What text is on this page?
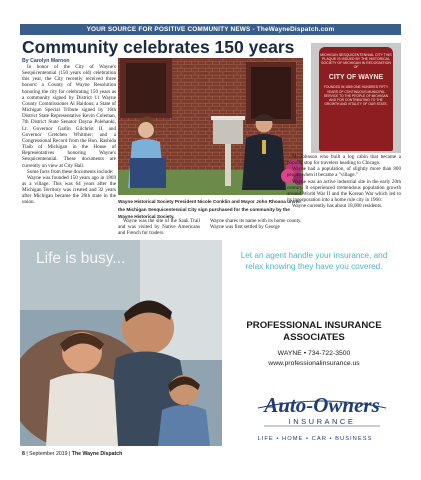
YOUR SOURCE FOR POSITIVE COMMUNITY NEWS - TheWayneDispatch.com
Community celebrates 150 years
By Carolyn Marnon

In honor of the City of Wayne's Sesquicentennial (150 years old) celebration this year, the City recently received three honors: a County of Wayne Resolution honoring the city for celebrating 150 years as a community signed by District 11 Wayne County Commissioner Al Haidous; a State of Michigan Special Tribute signed by 16th District State Representative Kevin Coleman, 7th District State Senator Dayna Polehanki, Lt. Governor Garlin Gilchrist II, and Governor Gretchen Whitmer; and a Congressional Record from the Hon. Rashida Tlaib of Michigan in the House of Representatives honoring Wayne's Sesquicentennial. These documents are currently on view at City Hall.

Some facts from these documents include:

Wayne was founded 150 years ago in 1869 as a village. This was 64 years after the Michigan Territory was created and 32 years after Michigan became the 26th state in the union.	Wayne Historical Society President Nicole Conklin and Mayor John Rhoana unveil the Michigan Sesquicentennial City sign purchased for the community by the Wayne Historical Society.

Wayne was the site of the Sauk Trail and was visited by Native Americans and French fur traders.

Wayne shares its name with its home county.

Wayne was first settled by George

MICHIGAN SESQUICENTENNIAL CITY THIS PLAQUE IS ISSUED BY THE HISTORICAL SOCIETY OF MICHIGAN IN RECOGNITION OF
CITY OF WAYNE
FOUNDED IN 1869 ONE HUNDRED FIFTY YEARS OF CONTINUOUS MUNICIPAL SERVICE TO THE PEOPLE OF MICHIGAN AND FOR CONTRIBUTING TO THE GROWTH AND VITALITY OF OUR STATE.

M. Johnson who built a log cabin that became a popular stop for travelers heading to Chicago.

Wayne had a population, of slightly more than 800 people when it became a "village."

Wayne was an active industrial site in the early 20th century. It experienced tremendous population growth around World War II and the Korean War which led to its incorporation into a home rule city in 1960.

Wayne currently has about 18,000 residents.

Life is busy...	Let an agent handle your insurance, and relax knowing they have you covered.
PROFESSIONAL INSURANCE ASSOCIATES
WAYNE • 734-722-3500
www.professionalinsurance.us
Auto-Owners
INSURANCE
LIFE • HOME • CAR • BUSINESS
8 | September 2019 | The Wayne Dispatch
